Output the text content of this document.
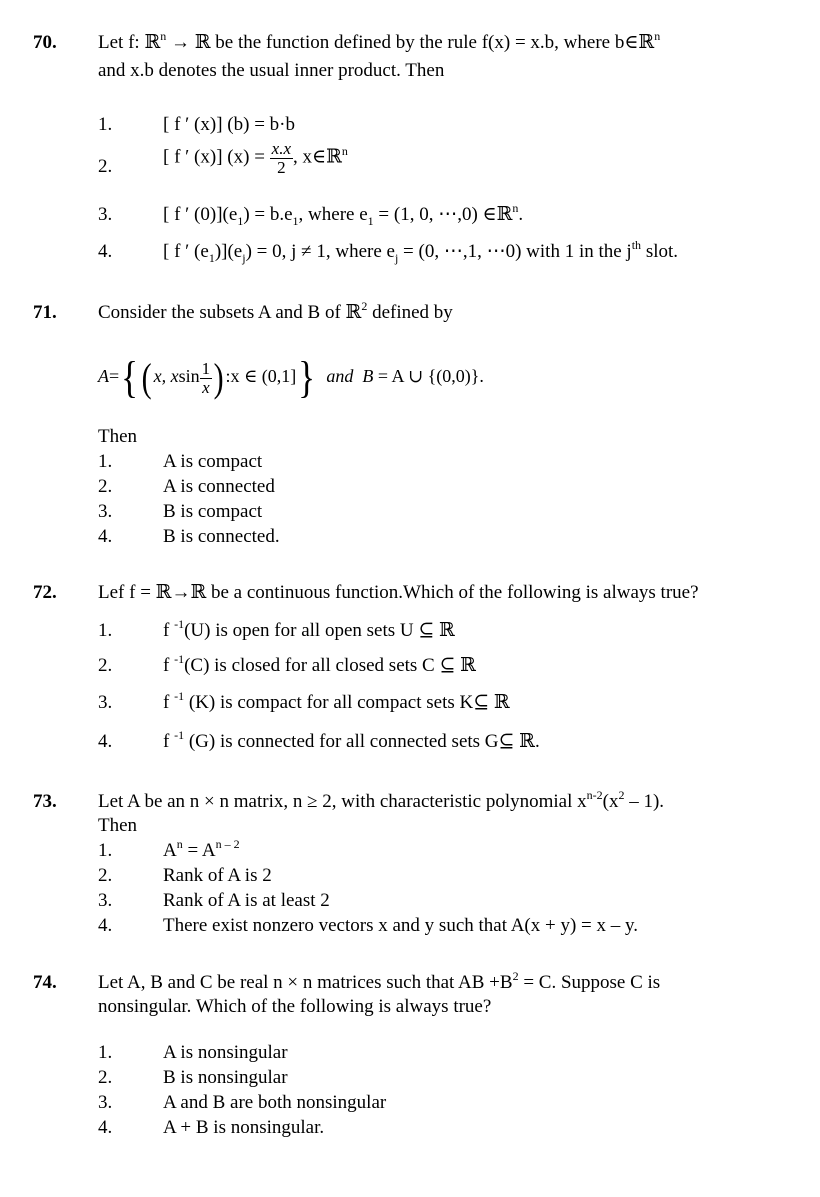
70. Let f: ℝ$^n$ → ℝ be the function defined by the rule f(x) = x.b, where b∈ℝ$^n$
and x.b denotes the usual inner product. Then
1.	[ f ′ (x)] (b) = b·b
2.	[ f ′ (x)] $(x) = \frac{x.x}{2}$ , x∈ℝ$^n$
3.	[ f ′ $(0)](e_1) = b.e_1$, where $e_1 = (1$, 0, ⋯,0) ∈ℝ$^n$.
4.	[ f ′ $(e_1)](e_j) = 0$, j ≠ 1, where $e_j = (0$, ⋯,1, ⋯0) with 1 in the $j^{th}$ slot.
71. Consider the subsets A and B of ℝ$^2$ defined by
A={(x, xsin $\frac{1}{x}$ ):x ∈ (0,1]} and B = A ∪ {(0,0)}.
Then
1.	A is compact
2.	A is connected
3.	B is compact
4.	B is connected.
72. Lef f = ℝ→ℝ be a continuous function.Which of the following is always true?
1.	f $^{-1}$(U) is open for all open sets U ⊆ ℝ
2.	f $^{-1}$(C) is closed for all closed sets C ⊆ ℝ
3.	f $^{-1}$ (K) is compact for all compact sets K⊆ ℝ
4.	f $^{-1}$ (G) is connected for all connected sets G⊆ ℝ.
73. Let A be an n × n matrix, n ≥ 2, with characteristic polynomial $x^{n-2}(x^2 - 1)$.
Then
1.	$A^n = A^{n - 2}$
2.	Rank of A is 2
3.	Rank of A is at least 2
4.	There exist nonzero vectors x and y such that A(x + y) = x – y.
74. Let A, B and C be real n × n matrices such that AB $+B^2 = C$. Suppose C is
nonsingular. Which of the following is always true?
1.	A is nonsingular
2.	B is nonsingular
3.	A and B are both nonsingular
4.	A + B is nonsingular.
